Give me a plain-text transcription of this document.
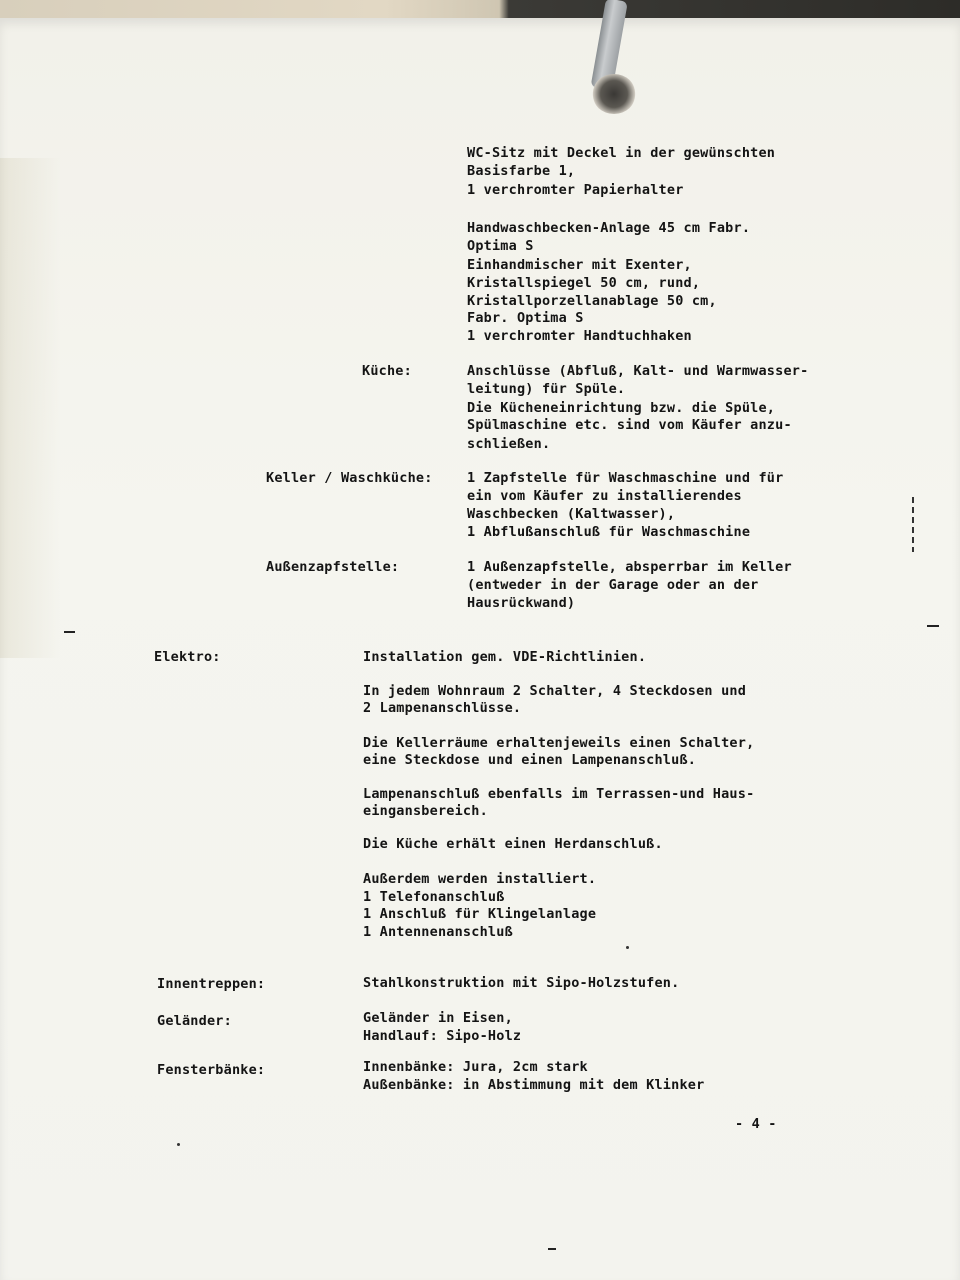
WC-Sitz mit Deckel in der gewünschten
Basisfarbe 1,
1 verchromter Papierhalter
Handwaschbecken-Anlage 45 cm Fabr.
Optima S
Einhandmischer mit Exenter,
Kristallspiegel 50 cm, rund,
Kristallporzellanablage 50 cm,
Fabr. Optima S
1 verchromter Handtuchhaken
Küche:	Anschlüsse (Abfluß, Kalt- und Warmwasser-
leitung) für Spüle.
Die Kücheneinrichtung bzw. die Spüle,
Spülmaschine etc. sind vom Käufer anzu-
schließen.
Keller / Waschküche:	1 Zapfstelle für Waschmaschine und für
ein vom Käufer zu installierendes
Waschbecken (Kaltwasser),
1 Abflußanschluß für Waschmaschine
Außenzapfstelle:	1 Außenzapfstelle, absperrbar im Keller
(entweder in der Garage oder an der
Hausrückwand)
Elektro:	Installation gem. VDE-Richtlinien.
In jedem Wohnraum 2 Schalter, 4 Steckdosen und
2 Lampenanschlüsse.
Die Kellerräume erhaltenjeweils einen Schalter,
eine Steckdose und einen Lampenanschluß.
Lampenanschluß ebenfalls im Terrassen-und Haus-
eingansbereich.
Die Küche erhält einen Herdanschluß.
Außerdem werden installiert.
1 Telefonanschluß
1 Anschluß für Klingelanlage
1 Antennenanschluß
Innentreppen:	Stahlkonstruktion mit Sipo-Holzstufen.
Geländer:	Geländer in Eisen,
Handlauf: Sipo-Holz
Fensterbänke:	Innenbänke: Jura, 2cm stark
Außenbänke: in Abstimmung mit dem Klinker
- 4 -
